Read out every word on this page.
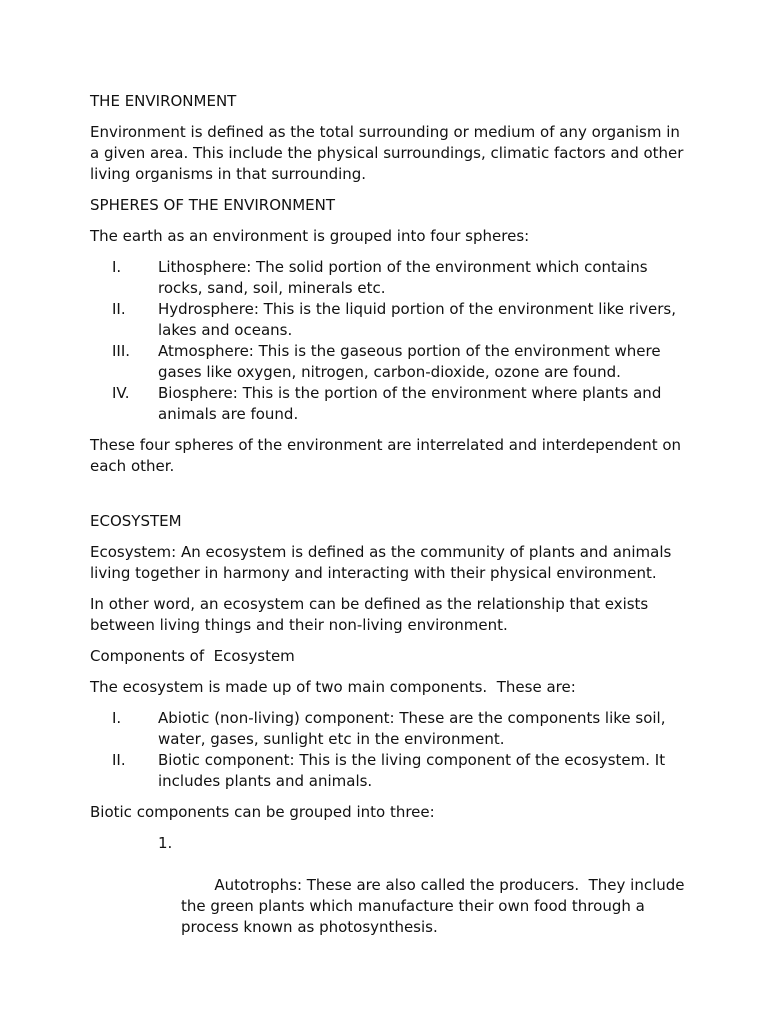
THE ENVIRONMENT

Environment is defined as the total surrounding or medium of any organism in a given area. This include the physical surroundings, climatic factors and other living organisms in that surrounding.

SPHERES OF THE ENVIRONMENT

The earth as an environment is grouped into four spheres:

I. Lithosphere: The solid portion of the environment which contains rocks, sand, soil, minerals etc.
II. Hydrosphere: This is the liquid portion of the environment like rivers, lakes and oceans.
III. Atmosphere: This is the gaseous portion of the environment where gases like oxygen, nitrogen, carbon-dioxide, ozone are found.
IV. Biosphere: This is the portion of the environment where plants and animals are found.

These four spheres of the environment are interrelated and interdependent on each other.

ECOSYSTEM

Ecosystem: An ecosystem is defined as the community of plants and animals living together in harmony and interacting with their physical environment.

In other word, an ecosystem can be defined as the relationship that exists between living things and their non-living environment.

Components of  Ecosystem

The ecosystem is made up of two main components.  These are:

I. Abiotic (non-living) component: These are the components like soil, water, gases, sunlight etc in the environment.
II. Biotic component: This is the living component of the ecosystem. It includes plants and animals.

Biotic components can be grouped into three:

1.

Autotrophs: These are also called the producers.  They include the green plants which manufacture their own food through a process known as photosynthesis.
